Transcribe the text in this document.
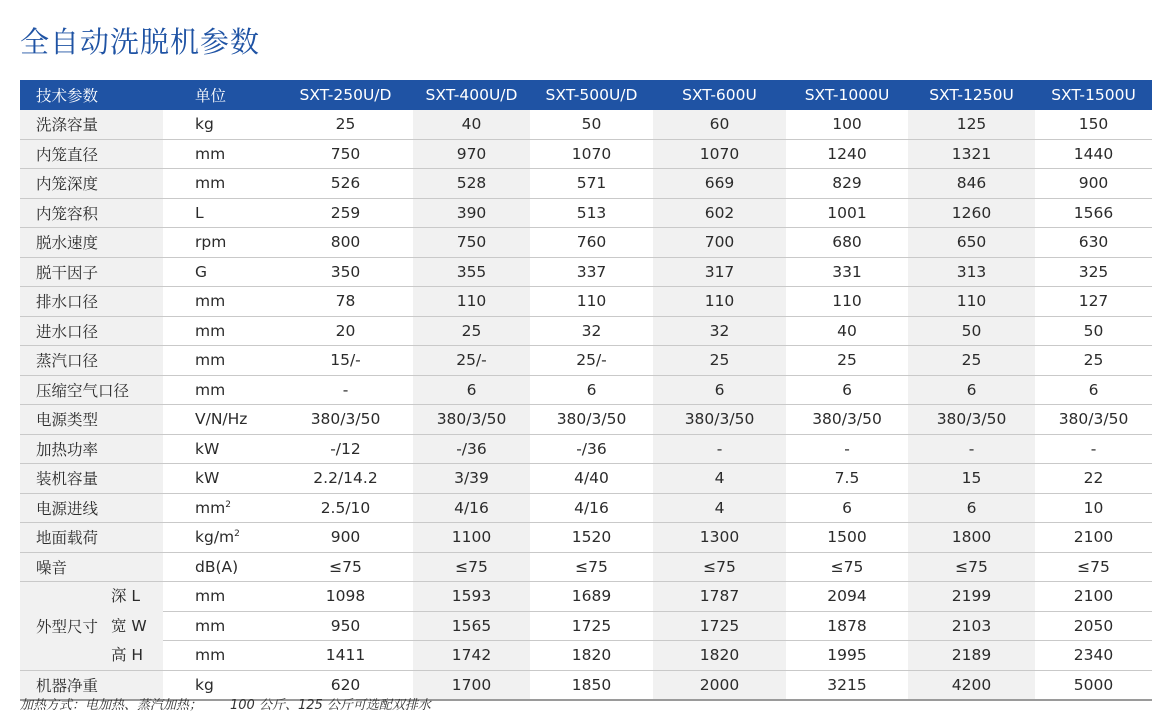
全自动洗脱机参数
技术参数	单位	SXT-250U/D	SXT-400U/D	SXT-500U/D	SXT-600U	SXT-1000U	SXT-1250U	SXT-1500U
洗涤容量	kg	25	40	50	60	100	125	150
内笼直径	mm	750	970	1070	1070	1240	1321	1440
内笼深度	mm	526	528	571	669	829	846	900
内笼容积	L	259	390	513	602	1001	1260	1566
脱水速度	rpm	800	750	760	700	680	650	630
脱干因子	G	350	355	337	317	331	313	325
排水口径	mm	78	110	110	110	110	110	127
进水口径	mm	20	25	32	32	40	50	50
蒸汽口径	mm	15/-	25/-	25/-	25	25	25	25
压缩空气口径	mm	-	6	6	6	6	6	6
电源类型	V/N/Hz	380/3/50	380/3/50	380/3/50	380/3/50	380/3/50	380/3/50	380/3/50
加热功率	kW	-/12	-/36	-/36	-	-	-	-
装机容量	kW	2.2/14.2	3/39	4/40	4	7.5	15	22
电源进线	$mm^2$	2.5/10	4/16	4/16	4	6	6	10
地面载荷	$kg/m^2$	900	1100	1520	1300	1500	1800	2100
噪音	dB(A)	≤75	≤75	≤75	≤75	≤75	≤75	≤75

外型尺寸	深 L mm	1098	1593	1689	1787	2094	2199	2100
	宽 W mm	950	1565	1725	1725	1878	2103	2050
	高 H mm	1411	1742	1820	1820	1995	2189	2340
机器净重	kg	620	1700	1850	2000	3215	4200	5000
加热方式：电加热、蒸汽加热； 100 公斤、125 公斤可选配双排水
